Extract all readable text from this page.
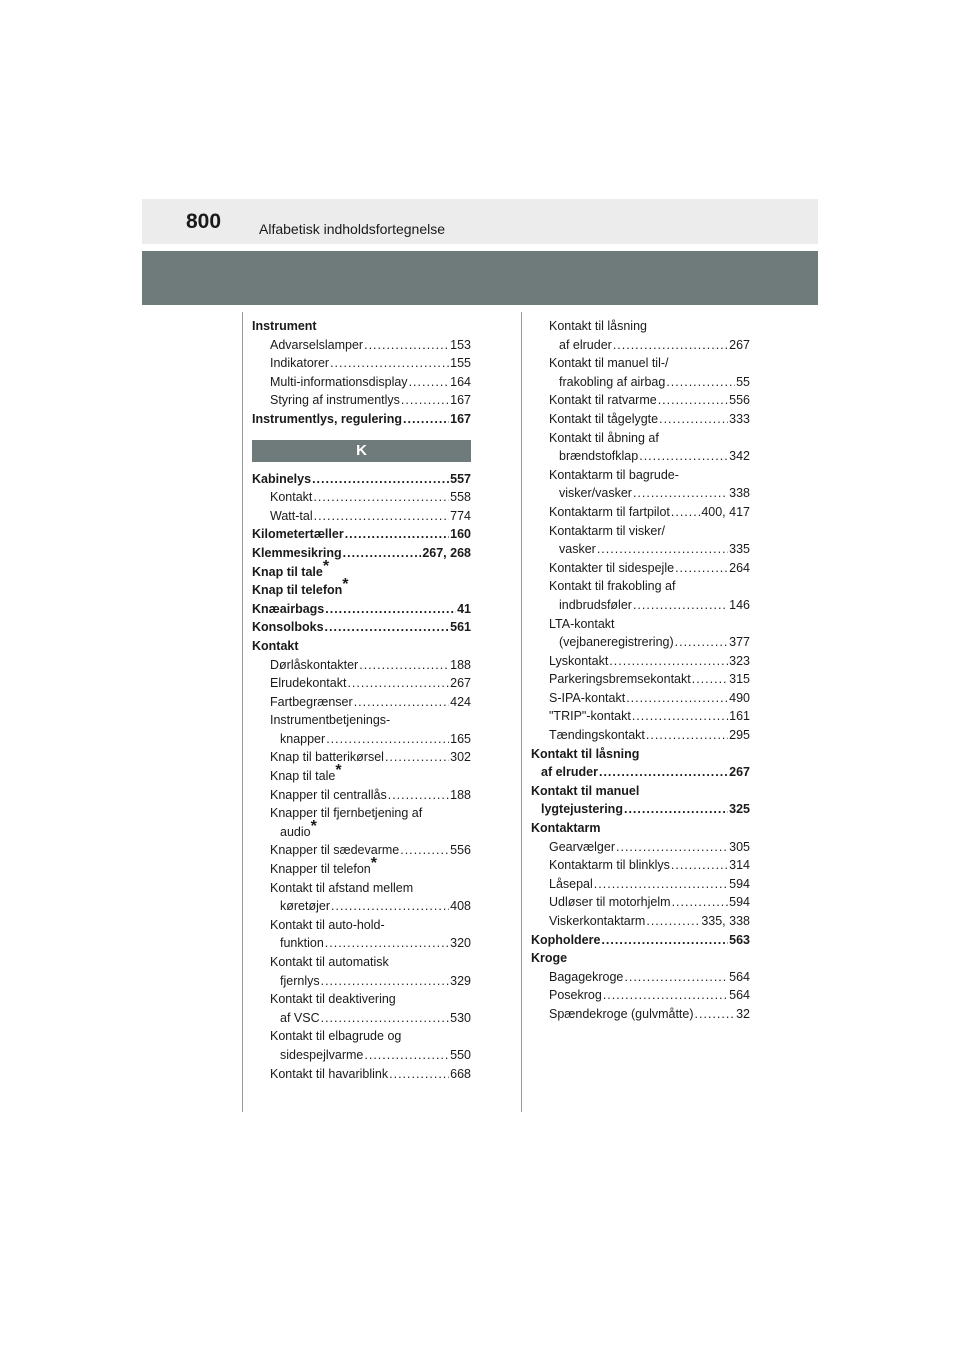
800	Alfabetisk indholdsfortegnelse
Instrument
Advarselslamper .....	153
Indikatorer .....	155
Multi-informationsdisplay .....	164
Styring af instrumentlys .....	167
Instrumentlys, regulering .....	167
K
Kabinelys .....	557
Kontakt .....	558
Watt-tal .....	774
Kilometertæller .....	160
Klemmesikring .....	267, 268
Knap til tale*
Knap til telefon*
Knæairbags .....	41
Konsolboks .....	561
Kontakt
Dørlåskontakter .....	188
Elrudekontakt .....	267
Fartbegrænser .....	424
Instrumentbetjenings-
knapper .....	165
Knap til batterikørsel .....	302
Knap til tale*
Knapper til centrallås .....	188
Knapper til fjernbetjening af
audio*
Knapper til sædevarme .....	556
Knapper til telefon*
Kontakt til afstand mellem
køretøjer .....	408
Kontakt til auto-hold-
funktion .....	320
Kontakt til automatisk
fjernlys .....	329
Kontakt til deaktivering
af VSC .....	530
Kontakt til elbagrude og
sidespejlvarme .....	550
Kontakt til havariblink .....	668
Kontakt til låsning
af elruder .....	267
Kontakt til manuel til-/
frakobling af airbag .....	55
Kontakt til ratvarme .....	556
Kontakt til tågelygte .....	333
Kontakt til åbning af
brændstofklap .....	342
Kontaktarm til bagrude-
visker/vasker .....	338
Kontaktarm til fartpilot .....	400, 417
Kontaktarm til visker/
vasker .....	335
Kontakter til sidespejle .....	264
Kontakt til frakobling af
indbrudsføler .....	146
LTA-kontakt
(vejbaneregistrering) .....	377
Lyskontakt .....	323
Parkeringsbremsekontakt .....	315
S-IPA-kontakt .....	490
"TRIP"-kontakt .....	161
Tændingskontakt .....	295
Kontakt til låsning
af elruder .....	267
Kontakt til manuel
lygtejustering .....	325
Kontaktarm
Gearvælger .....	305
Kontaktarm til blinklys .....	314
Låsepal .....	594
Udløser til motorhjelm .....	594
Viskerkontaktarm .....	335, 338
Kopholdere .....	563
Kroge
Bagagekroge .....	564
Posekrog .....	564
Spændekroge (gulvmåtte) .....	32
